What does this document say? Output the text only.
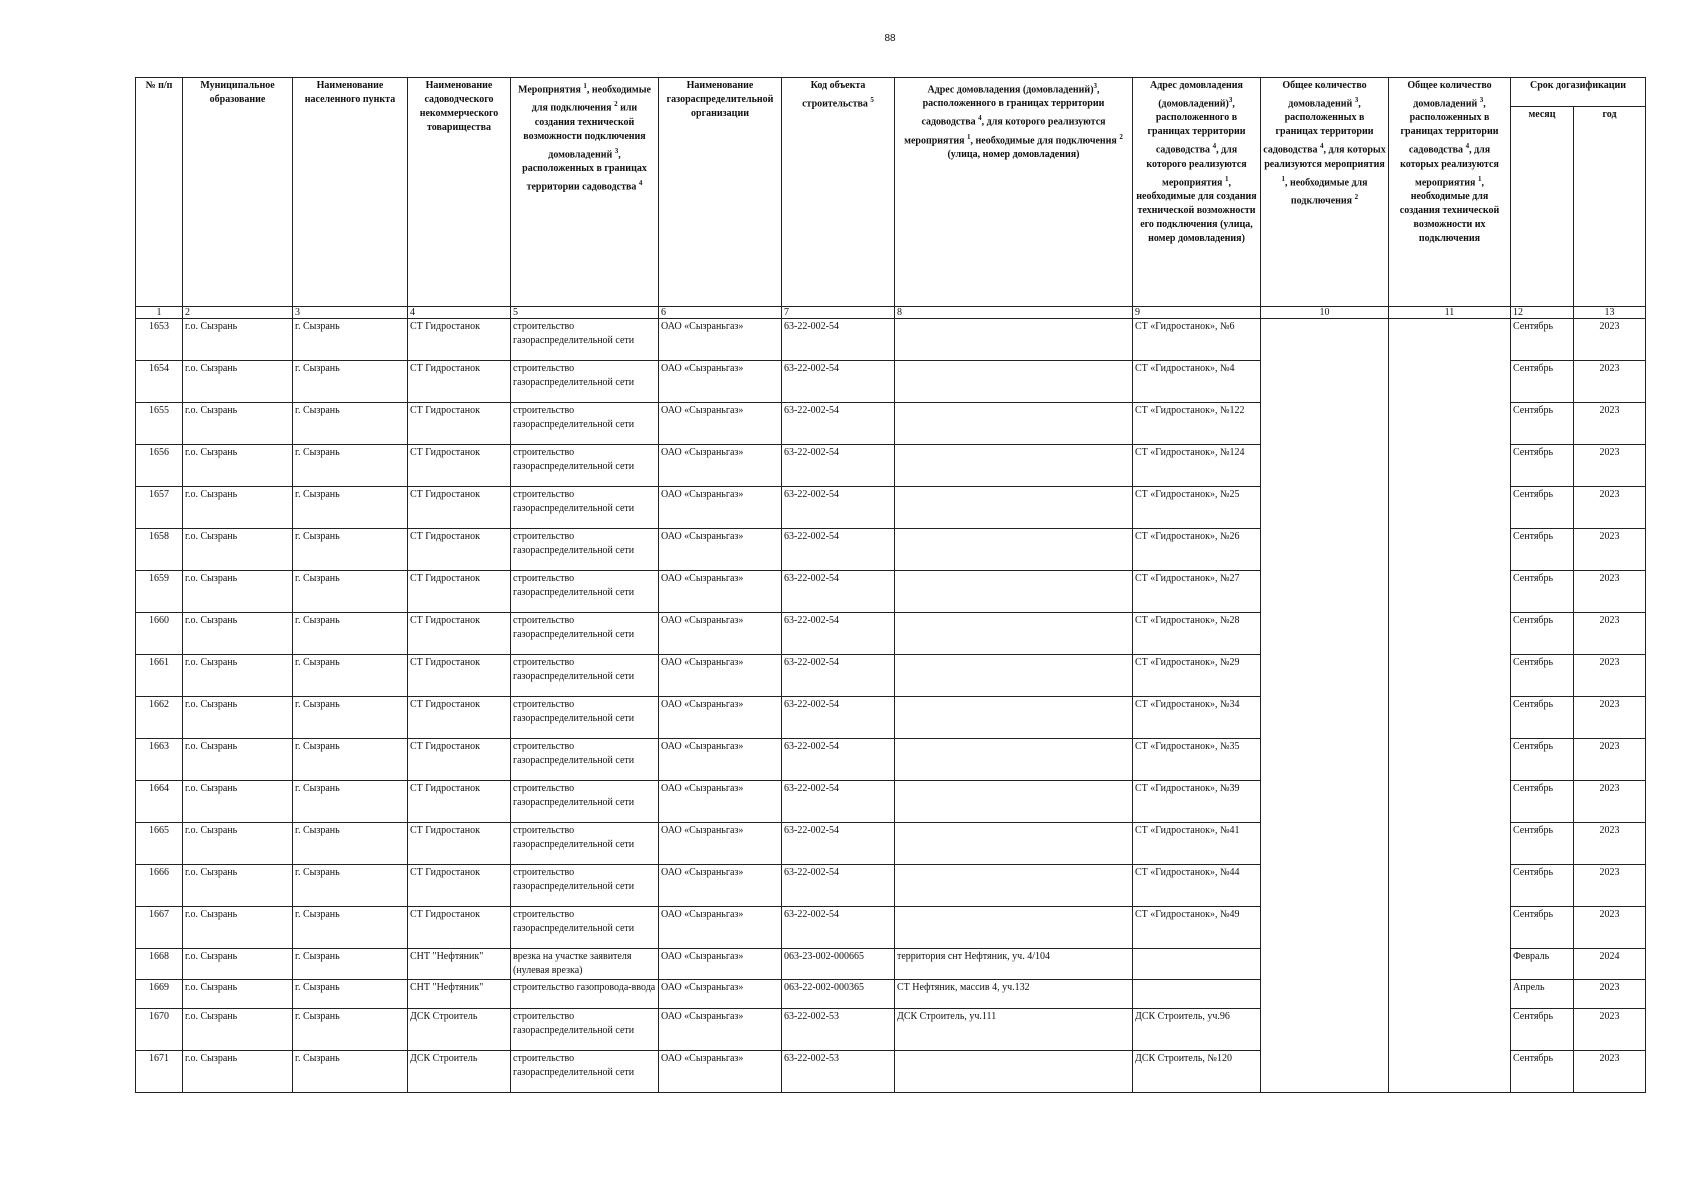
88
№ п/п	Муниципальное образование	Наименование населенного пункта	Наименование садоводческого некоммерческого товарищества	Мероприятия $^1$, необходимые для подключения $^2$ или создания технической возможности подключения домовладений $^3$, расположенных в границах территории садоводства $^4$	Наименование газораспределительной организации	Код объекта строительства $^5$	Адрес домовладения (домовладений)$^3$, расположенного в границах территории садоводства $^4$, для которого реализуются мероприятия $^1$, необходимые для подключения $^2$ (улица, номер домовладения)	Адрес домовладения (домовладений)$^3$, расположенного в границах территории садоводства $^4$, для которого реализуются мероприятия $^1$, необходимые для создания технической возможности его подключения (улица, номер домовладения)	Общее количество домовладений $^3$, расположенных в границах территории садоводства $^4$, для которых реализуются мероприятия $^1$, необходимые для подключения $^2$	Общее количество домовладений $^3$, расположенных в границах территории садоводства $^4$, для которых реализуются мероприятия $^1$, необходимые для создания технической возможности их подключения	Срок догазификации	
											месяц	год
1	2	3	4	5	6	7	8	9	10	11	12	13
1653	г.о. Сызрань	г. Сызрань	СТ Гидростанок	строительство газораспределительной сети	ОАО «Сызраньгаз»	63-22-002-54		СТ «Гидростанок», №6			Сентябрь	2023
1654	г.о. Сызрань	г. Сызрань	СТ Гидростанок	строительство газораспределительной сети	ОАО «Сызраньгаз»	63-22-002-54		СТ «Гидростанок», №4			Сентябрь	2023
1655	г.о. Сызрань	г. Сызрань	СТ Гидростанок	строительство газораспределительной сети	ОАО «Сызраньгаз»	63-22-002-54		СТ «Гидростанок», №122			Сентябрь	2023
1656	г.о. Сызрань	г. Сызрань	СТ Гидростанок	строительство газораспределительной сети	ОАО «Сызраньгаз»	63-22-002-54		СТ «Гидростанок», №124			Сентябрь	2023
1657	г.о. Сызрань	г. Сызрань	СТ Гидростанок	строительство газораспределительной сети	ОАО «Сызраньгаз»	63-22-002-54		СТ «Гидростанок», №25			Сентябрь	2023
1658	г.о. Сызрань	г. Сызрань	СТ Гидростанок	строительство газораспределительной сети	ОАО «Сызраньгаз»	63-22-002-54		СТ «Гидростанок», №26			Сентябрь	2023
1659	г.о. Сызрань	г. Сызрань	СТ Гидростанок	строительство газораспределительной сети	ОАО «Сызраньгаз»	63-22-002-54		СТ «Гидростанок», №27			Сентябрь	2023
1660	г.о. Сызрань	г. Сызрань	СТ Гидростанок	строительство газораспределительной сети	ОАО «Сызраньгаз»	63-22-002-54		СТ «Гидростанок», №28			Сентябрь	2023
1661	г.о. Сызрань	г. Сызрань	СТ Гидростанок	строительство газораспределительной сети	ОАО «Сызраньгаз»	63-22-002-54		СТ «Гидростанок», №29			Сентябрь	2023
1662	г.о. Сызрань	г. Сызрань	СТ Гидростанок	строительство газораспределительной сети	ОАО «Сызраньгаз»	63-22-002-54		СТ «Гидростанок», №34			Сентябрь	2023
1663	г.о. Сызрань	г. Сызрань	СТ Гидростанок	строительство газораспределительной сети	ОАО «Сызраньгаз»	63-22-002-54		СТ «Гидростанок», №35			Сентябрь	2023
1664	г.о. Сызрань	г. Сызрань	СТ Гидростанок	строительство газораспределительной сети	ОАО «Сызраньгаз»	63-22-002-54		СТ «Гидростанок», №39			Сентябрь	2023
1665	г.о. Сызрань	г. Сызрань	СТ Гидростанок	строительство газораспределительной сети	ОАО «Сызраньгаз»	63-22-002-54		СТ «Гидростанок», №41			Сентябрь	2023
1666	г.о. Сызрань	г. Сызрань	СТ Гидростанок	строительство газораспределительной сети	ОАО «Сызраньгаз»	63-22-002-54		СТ «Гидростанок», №44			Сентябрь	2023
1667	г.о. Сызрань	г. Сызрань	СТ Гидростанок	строительство газораспределительной сети	ОАО «Сызраньгаз»	63-22-002-54		СТ «Гидростанок», №49			Сентябрь	2023
1668	г.о. Сызрань	г. Сызрань	СНТ "Нефтяник"	врезка на участке заявителя (нулевая врезка)	ОАО «Сызраньгаз»	063-23-002-000665	территория снт Нефтяник, уч. 4/104				Февраль	2024
1669	г.о. Сызрань	г. Сызрань	СНТ "Нефтяник"	строительство газопровода-ввода	ОАО «Сызраньгаз»	063-22-002-000365	СТ Нефтяник, массив 4, уч.132				Апрель	2023
1670	г.о. Сызрань	г. Сызрань	ДСК Строитель	строительство газораспределительной сети	ОАО «Сызраньгаз»	63-22-002-53	ДСК Строитель, уч.111	ДСК Строитель, уч.96			Сентябрь	2023
1671	г.о. Сызрань	г. Сызрань	ДСК Строитель	строительство газораспределительной сети	ОАО «Сызраньгаз»	63-22-002-53		ДСК Строитель, №120			Сентябрь	2023
